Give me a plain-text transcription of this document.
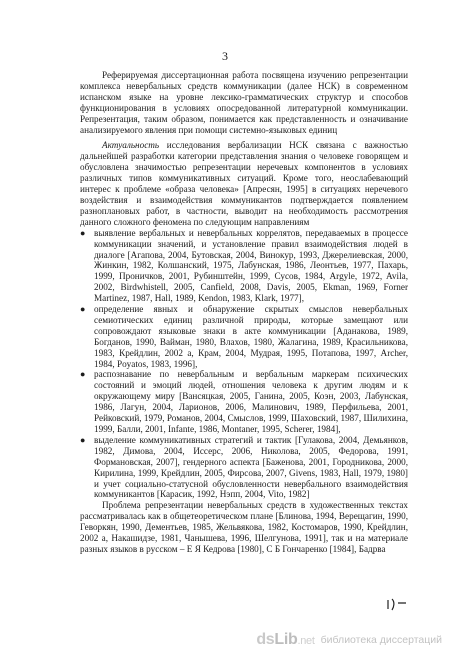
3

Реферируемая диссертационная работа посвящена изучению репрезентации комплекса невербальных средств коммуникации (далее НСК) в современном испанском языке на уровне лексико-грамматических структур и способов функционирования в условиях опосредованной литературной коммуникации. Репрезентация, таким образом, понимается как представленность и означивание анализируемого явления при помощи системно-языковых единиц

Актуальность исследования вербализации НСК связана с важностью дальнейшей разработки категории представления знания о человеке говорящем и обусловлена значимостью репрезентации неречевых компонентов в условиях различных типов коммуникативных ситуаций. Кроме того, неослабевающий интерес к проблеме «образа человека» [Апресян, 1995] в ситуациях неречевого воздействия и взаимодействия коммуникантов подтверждается появлением разноплановых работ, в частности, выводит на необходимость рассмотрения данного сложного феномена по следующим направлениям

● выявление вербальных и невербальных коррелятов, передаваемых в процессе коммуникации значений, и установление правил взаимодействия людей в диалоге [Агапова, 2004, Бутовская, 2004, Винокур, 1993, Джерелиевская, 2000, Жинкин, 1982, Колшанский, 1975, Лабунская, 1986, Леонтьев, 1977, Пахарь, 1999, Проничков, 2001, Рубинштейн, 1999, Сусов, 1984, Argyle, 1972, Avila, 2002, Birdwhistell, 2005, Canfield, 2008, Davis, 2005, Ekman, 1969, Forner Martinez, 1987, Hall, 1989, Kendon, 1983, Klark, 1977],
● определение явных и обнаружение скрытых смыслов невербальных семиотических единиц различной природы, которые замещают или сопровождают языковые знаки в акте коммуникации [Аданакова, 1989, Богданов, 1990, Вайман, 1980, Влахов, 1980, Жалагина, 1989, Красильникова, 1983, Крейдлин, 2002 а, Крам, 2004, Мудрая, 1995, Потапова, 1997, Archer, 1984, Poyatos, 1983, 1996],
● распознавание по невербальным и вербальным маркерам психических состояний и эмоций людей, отношения человека к другим людям и к окружающему миру [Вансяцкая, 2005, Ганина, 2005, Коэн, 2003, Лабунская, 1986, Лагун, 2004, Ларионов, 2006, Малинович, 1989, Перфильева, 2001, Рейковский, 1979, Романов, 2004, Смыслов, 1999, Шаховский, 1987, Шилихина, 1999, Балли, 2001, Infante, 1986, Montaner, 1995, Scherer, 1984],
● выделение коммуникативных стратегий и тактик [Гулакова, 2004, Демьянков, 1982, Димова, 2004, Иссерс, 2006, Николова, 2005, Федорова, 1991, Формановская, 2007], гендерного аспекта [Баженова, 2001, Городникова, 2000, Кирилина, 1999, Крейдлин, 2005, Фирсова, 2007, Givens, 1983, Hall, 1979, 1980] и учет социально-статусной обусловленности невербального взаимодействия коммуникантов [Карасик, 1992, Нэпп, 2004, Vito, 1982]

Проблема репрезентации невербальных средств в художественных текстах рассматривалась как в общетеоретическом плане [Блинова, 1994, Верещагин, 1990, Геворкян, 1990, Дементьев, 1985, Жельвякова, 1982, Костомаров, 1990, Крейдлин, 2002 а, Накашидзе, 1981, Чанышева, 1996, Шелгунова, 1991], так и на материале разных языков в русском – Е Я Кедрова [1980], С Б Гончаренко [1984], Бадрва

ds Lib .net библиотека диссертаций
